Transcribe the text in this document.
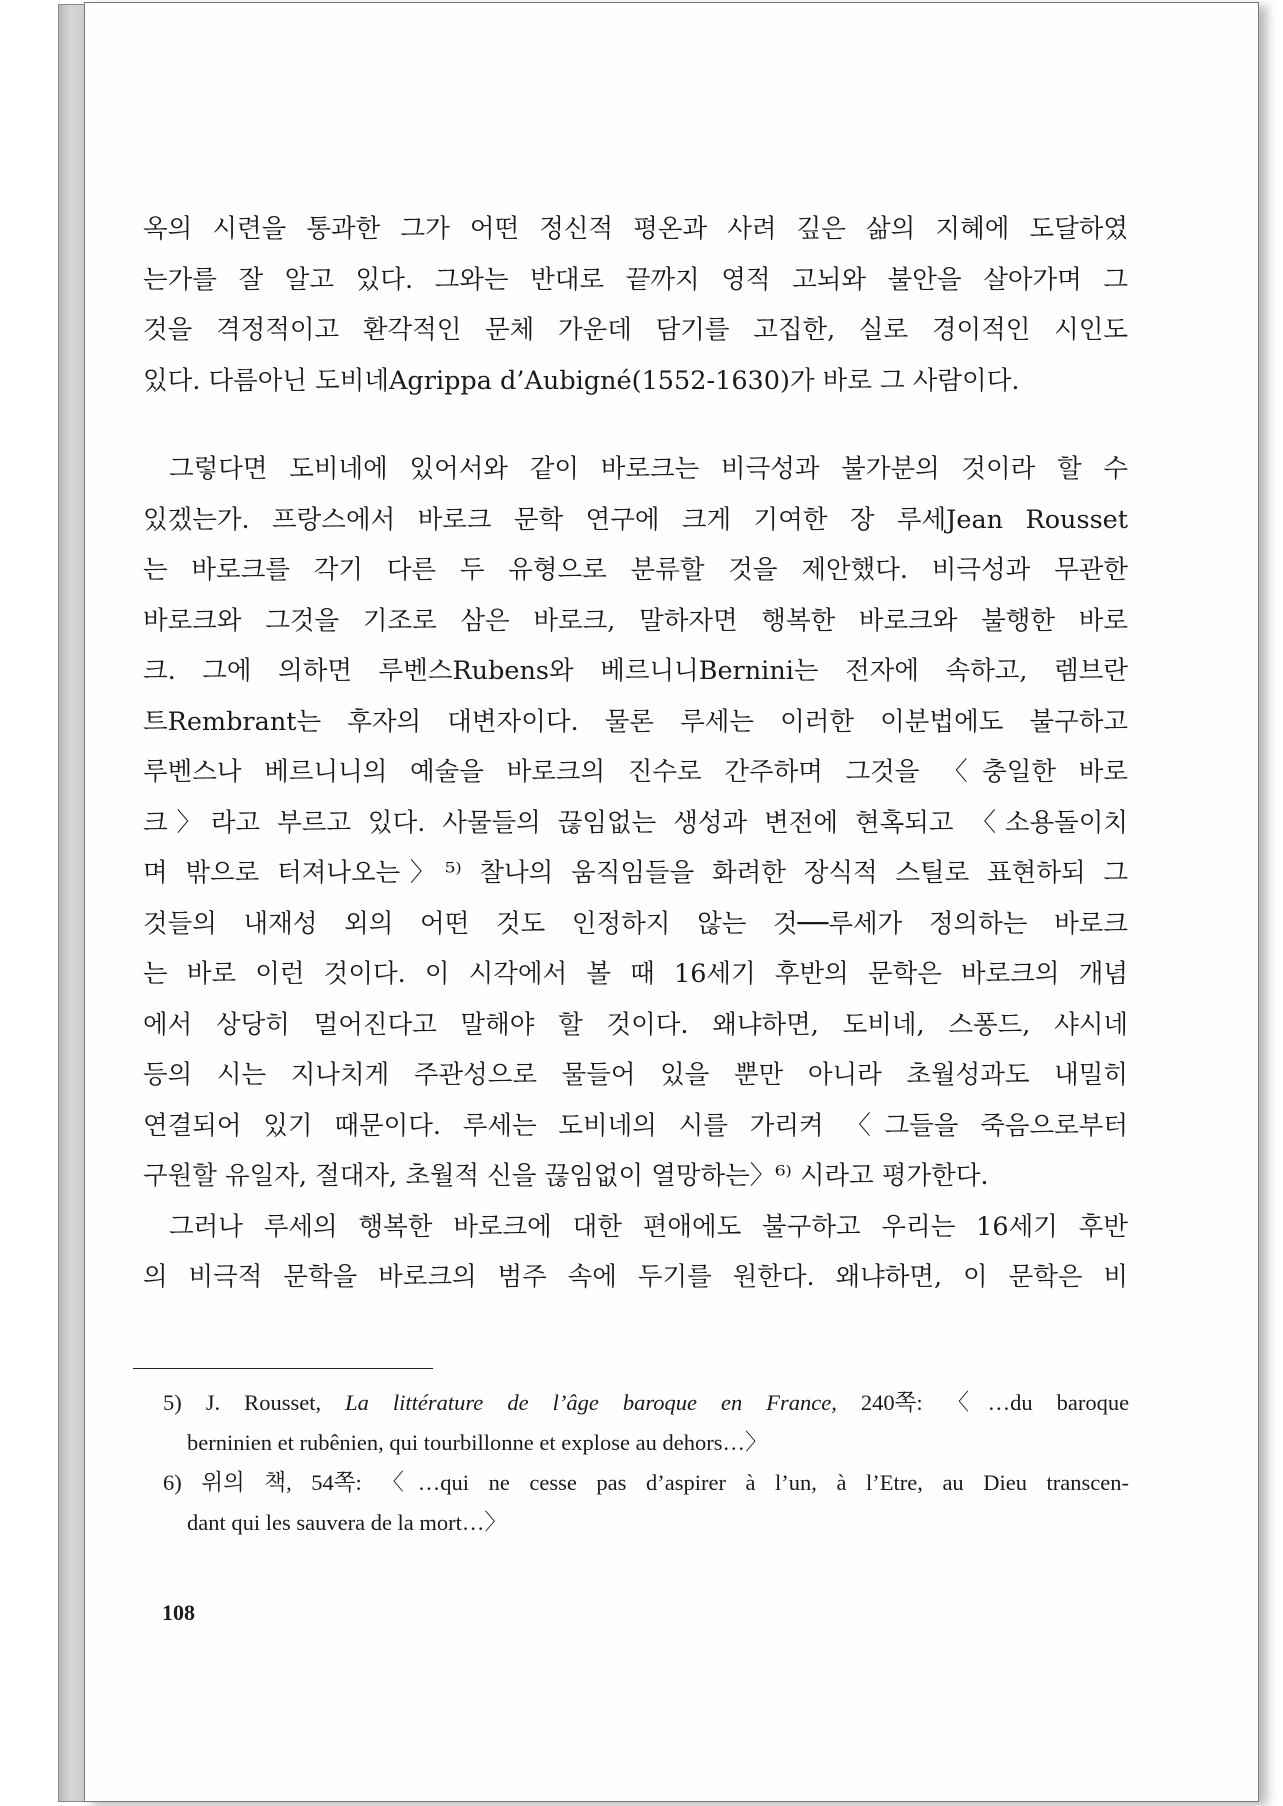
옥의 시련을 통과한 그가 어떤 정신적 평온과 사려 깊은 삶의 지혜에 도달하였
는가를 잘 알고 있다. 그와는 반대로 끝까지 영적 고뇌와 불안을 살아가며 그
것을 격정적이고 환각적인 문체 가운데 담기를 고집한, 실로 경이적인 시인도
있다. 다름아닌 도비네Agrippa d’Aubigné(1552-1630)가 바로 그 사람이다.
그렇다면 도비네에 있어서와 같이 바로크는 비극성과 불가분의 것이라 할 수
있겠는가. 프랑스에서 바로크 문학 연구에 크게 기여한 장 루세Jean Rousset
는 바로크를 각기 다른 두 유형으로 분류할 것을 제안했다. 비극성과 무관한
바로크와 그것을 기조로 삼은 바로크, 말하자면 행복한 바로크와 불행한 바로
크. 그에 의하면 루벤스Rubens와 베르니니Bernini는 전자에 속하고, 렘브란
트Rembrant는 후자의 대변자이다. 물론 루세는 이러한 이분법에도 불구하고
루벤스나 베르니니의 예술을 바로크의 진수로 간주하며 그것을 〈충일한 바로
크〉라고 부르고 있다. 사물들의 끊임없는 생성과 변전에 현혹되고 〈소용돌이치
며 밖으로 터져나오는〉⁵⁾ 찰나의 움직임들을 화려한 장식적 스틸로 표현하되 그
것들의 내재성 외의 어떤 것도 인정하지 않는 것──루세가 정의하는 바로크
는 바로 이런 것이다. 이 시각에서 볼 때 16세기 후반의 문학은 바로크의 개념
에서 상당히 멀어진다고 말해야 할 것이다. 왜냐하면, 도비네, 스퐁드, 샤시네
등의 시는 지나치게 주관성으로 물들어 있을 뿐만 아니라 초월성과도 내밀히
연결되어 있기 때문이다. 루세는 도비네의 시를 가리켜 〈그들을 죽음으로부터
구원할 유일자, 절대자, 초월적 신을 끊임없이 열망하는〉⁶⁾ 시라고 평가한다.
그러나 루세의 행복한 바로크에 대한 편애에도 불구하고 우리는 16세기 후반
의 비극적 문학을 바로크의 범주 속에 두기를 원한다. 왜냐하면, 이 문학은 비
5) J. Rousset, La littérature de l’âge baroque en France, 240쪽: 〈…du baroque
berninien et rubênien, qui tourbillonne et explose au dehors…〉
6) 위의 책, 54쪽: 〈…qui ne cesse pas d’aspirer à l’un, à l’Etre, au Dieu transcen-
dant qui les sauvera de la mort…〉
108
